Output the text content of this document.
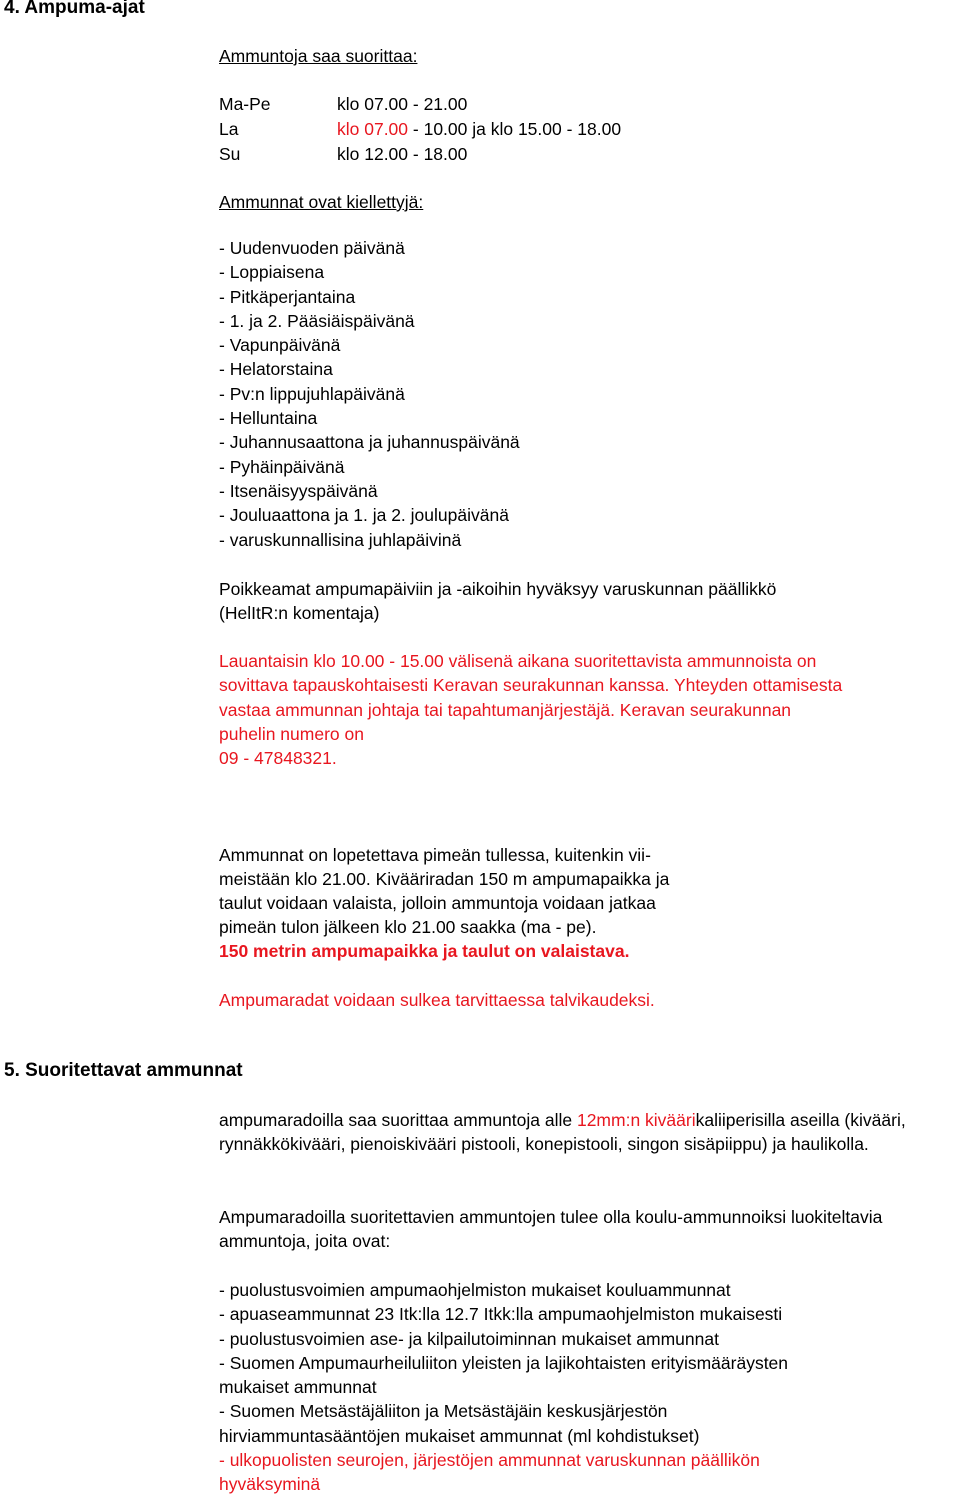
4. Ampuma-ajat
Ammuntoja saa suorittaa:
Ma-Pe	klo 07.00 - 21.00
La	klo 07.00 - 10.00 ja klo 15.00 - 18.00
Su	klo 12.00 - 18.00
Ammunnat ovat kiellettyjä:
- Uudenvuoden päivänä
- Loppiaisena
- Pitkäperjantaina
- 1. ja 2. Pääsiäispäivänä
- Vapunpäivänä
- Helatorstaina
- Pv:n lippujuhlapäivänä
- Helluntaina
- Juhannusaattona ja juhannuspäivänä
- Pyhäinpäivänä
- Itsenäisyyspäivänä
- Jouluaattona ja 1. ja 2. joulupäivänä
- varuskunnallisina juhlapäivinä
Poikkeamat ampumapäiviin ja -aikoihin hyväksyy varuskunnan päällikkö
(HelItR:n komentaja)
Lauantaisin klo 10.00 - 15.00 välisenä aikana suoritettavista ammunnoista on
sovittava tapauskohtaisesti Keravan seurakunnan kanssa. Yhteyden ottamisesta
vastaa ammunnan johtaja tai tapahtumanjärjestäjä. Keravan seurakunnan
puhelin numero on
09 - 47848321.
Ammunnat on lopetettava pimeän tullessa, kuitenkin vii-
meistään klo 21.00. Kivääriradan 150 m ampumapaikka ja
taulut voidaan valaista, jolloin ammuntoja voidaan jatkaa
pimeän tulon jälkeen klo 21.00 saakka (ma - pe).
150 metrin ampumapaikka ja taulut on valaistava.
Ampumaradat voidaan sulkea tarvittaessa talvikaudeksi.
5. Suoritettavat ammunnat
ampumaradoilla saa suorittaa ammuntoja alle 12mm:n kiväärikaliiperisilla aseilla (kivääri, rynnäkkökivääri, pienoiskivääri pistooli, konepistooli, singon sisäpiippu) ja haulikolla.
Ampumaradoilla suoritettavien ammuntojen tulee olla koulu-ammunnoiksi luokiteltavia ammuntoja, joita ovat:
- puolustusvoimien ampumaohjelmiston mukaiset kouluammunnat
- apuaseammunnat 23 Itk:lla 12.7 Itkk:lla ampumaohjelmiston mukaisesti
- puolustusvoimien ase- ja kilpailutoiminnan mukaiset ammunnat
- Suomen Ampumaurheiluliiton yleisten ja lajikohtaisten erityismääräysten
mukaiset ammunnat
- Suomen Metsästäjäliiton ja Metsästäjäin keskusjärjestön
hirviammuntasääntöjen mukaiset ammunnat (ml kohdistukset)
- ulkopuolisten seurojen, järjestöjen ammunnat varuskunnan päällikön
hyväksyminä
